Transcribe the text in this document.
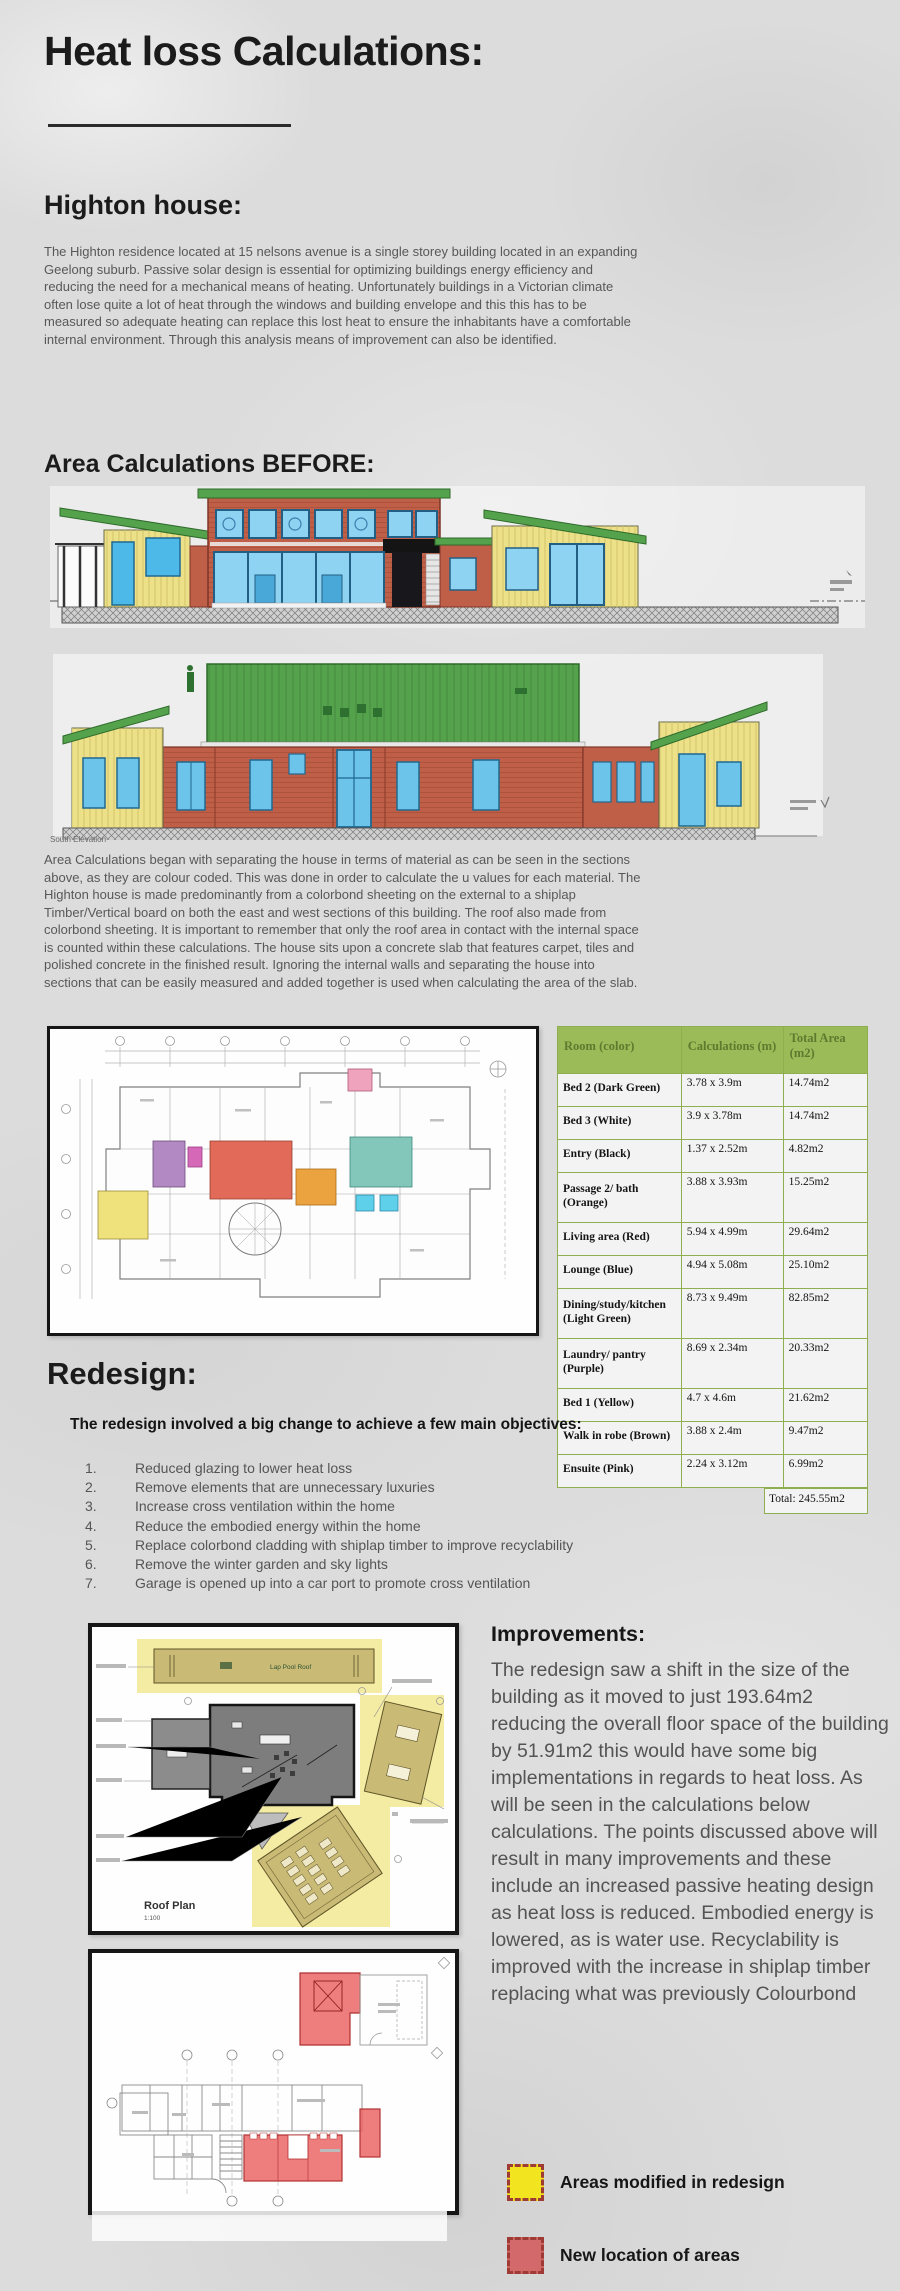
Heat loss Calculations:
Highton house:
The Highton residence located at 15 nelsons avenue is a single storey building located in an expanding Geelong suburb. Passive solar design is essential for optimizing buildings energy efficiency and reducing the need for a mechanical means of heating. Unfortunately buildings in a Victorian climate often lose quite a lot of heat through the windows and building envelope and this this has to be measured so adequate heating can replace this lost heat to ensure the inhabitants have a comfortable internal environment. Through this analysis means of improvement can also be identified.
Area Calculations BEFORE:
South Elevation
Area Calculations began with separating the house in terms of material as can be seen in the sections above, as they are colour coded. This was done in order to calculate the u values for each material. The Highton house is made predominantly from a colorbond sheeting on the external to a shiplap Timber/Vertical board on both the east and west sections of this building. The roof also made from colorbond sheeting. It is important to remember that only the roof area in contact with the internal space is counted within these calculations. The house sits upon a concrete slab that features carpet, tiles and polished concrete in the finished result. Ignoring the internal walls and separating the house into sections that can be easily measured and added together is used when calculating the area of the slab.
Room (color)	Calculations (m)	Total Area (m2)
Bed 2 (Dark Green)	3.78 x 3.9m	14.74m2
Bed 3 (White)	3.9 x 3.78m	14.74m2
Entry (Black)	1.37 x 2.52m	4.82m2
Passage 2/ bath (Orange)	3.88 x 3.93m	15.25m2
Living area (Red)	5.94 x 4.99m	29.64m2
Lounge (Blue)	4.94 x 5.08m	25.10m2
Dining/study/kitchen (Light Green)	8.73 x 9.49m	82.85m2
Laundry/ pantry (Purple)	8.69 x 2.34m	20.33m2
Bed 1 (Yellow)	4.7 x 4.6m	21.62m2
Walk in robe (Brown)	3.88 x 2.4m	9.47m2
Ensuite (Pink)	2.24 x 3.12m	6.99m2
Total: 245.55m2
Redesign:
The redesign involved a big change to achieve a few main objectives:
1.	Reduced glazing to lower heat loss
2.	Remove elements that are unnecessary luxuries
3.	Increase cross ventilation within the home
4.	Reduce the embodied energy within the home
5.	Replace colorbond cladding with shiplap timber to improve recyclability
6.	Remove the winter garden and sky lights
7.	Garage is opened up into a car port to promote cross ventilation
Lap Pool Roof
Roof Plan
1:100
Improvements:
The redesign saw a shift in the size of the building as it moved to just 193.64m2 reducing the overall floor space of the building by 51.91m2 this would have some big implementations in regards to heat loss. As will be seen in the calculations below calculations. The points discussed above will result in many improvements and these include an increased passive heating design as heat loss is reduced. Embodied energy is lowered, as is water use. Recyclability is improved with the increase in shiplap timber replacing what was previously Colourbond
Areas modified in redesign
New location of areas
